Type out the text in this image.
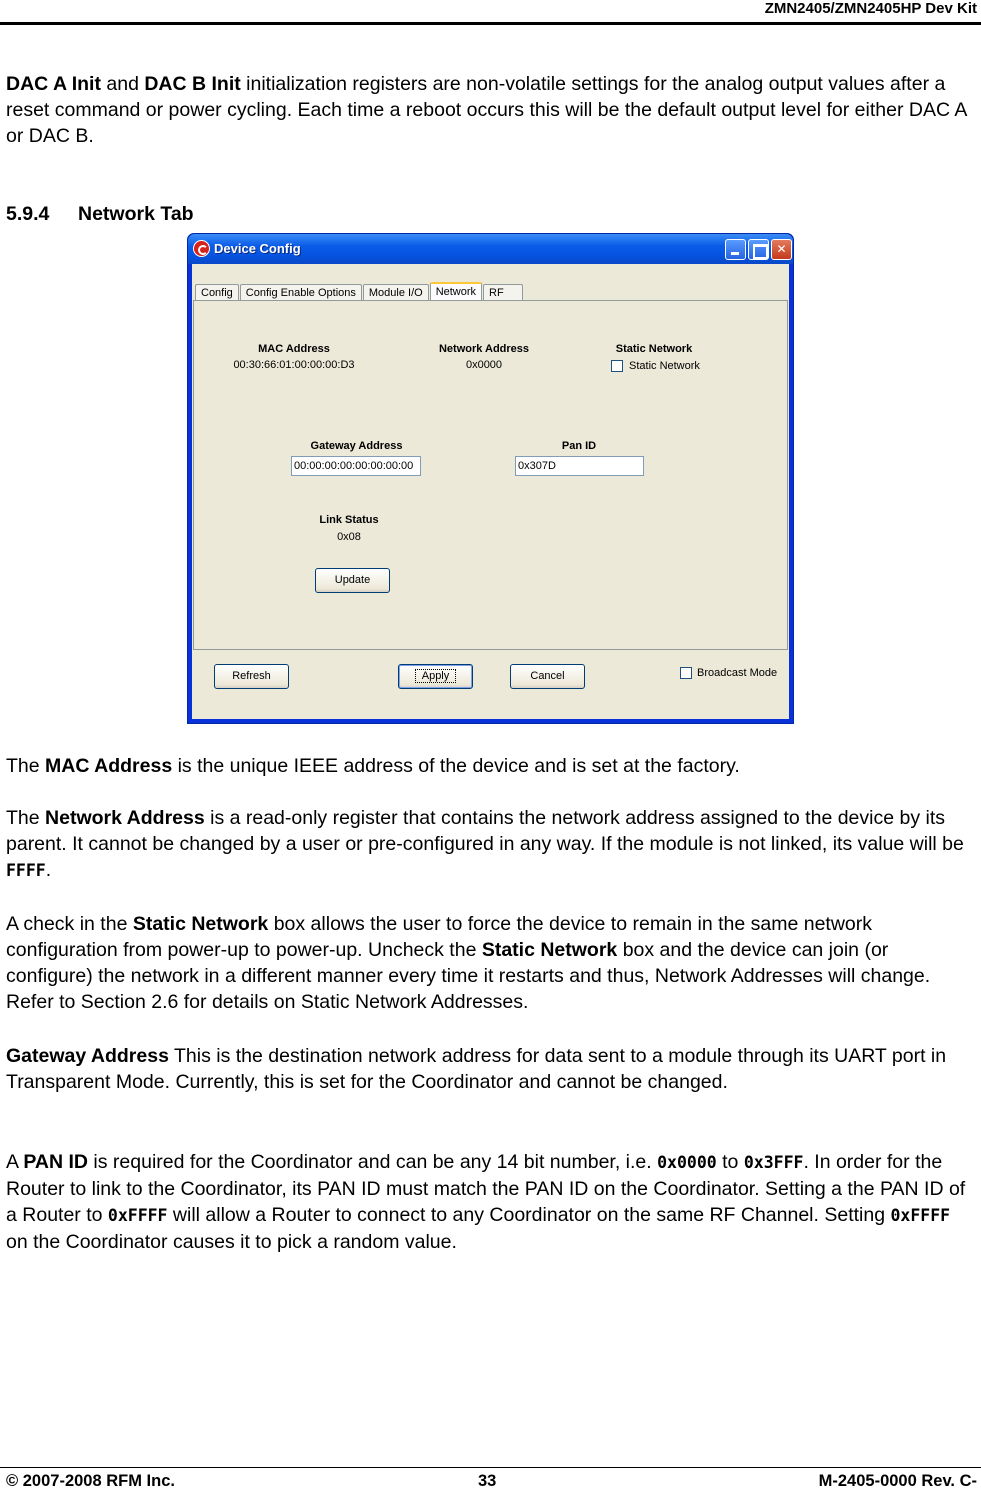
ZMN2405/ZMN2405HP Dev Kit

DAC A Init and DAC B Init initialization registers are non-volatile settings for the analog output values after a reset command or power cycling. Each time a reboot occurs this will be the default output level for either DAC A or DAC B.

5.9.4 Network Tab
Device Config	✕
Config	Config Enable Options	Module I/O	Network	RF
MAC Address
00:30:66:01:00:00:00:D3
Network Address
0x0000
Static Network
Static Network
Gateway Address
00:00:00:00:00:00:00:00	Pan ID
0x307D
Link Status
0x08
Update
Refresh	Apply	Cancel	Broadcast Mode

The MAC Address is the unique IEEE address of the device and is set at the factory.

The Network Address is a read-only register that contains the network address assigned to the device by its parent. It cannot be changed by a user or pre-configured in any way. If the module is not linked, its value will be FFFF.

A check in the Static Network box allows the user to force the device to remain in the same network configuration from power-up to power-up. Uncheck the Static Network box and the device can join (or configure) the network in a different manner every time it restarts and thus, Network Addresses will change. Refer to Section 2.6 for details on Static Network Addresses.

Gateway Address This is the destination network address for data sent to a module through its UART port in Transparent Mode. Currently, this is set for the Coordinator and cannot be changed.

A PAN ID is required for the Coordinator and can be any 14 bit number, i.e. 0x0000 to 0x3FFF. In order for the Router to link to the Coordinator, its PAN ID must match the PAN ID on the Coordinator. Setting a the PAN ID of a Router to 0xFFFF will allow a Router to connect to any Coordinator on the same RF Channel. Setting 0xFFFF on the Coordinator causes it to pick a random value.

© 2007-2008 RFM Inc.	33	M-2405-0000 Rev. C-
